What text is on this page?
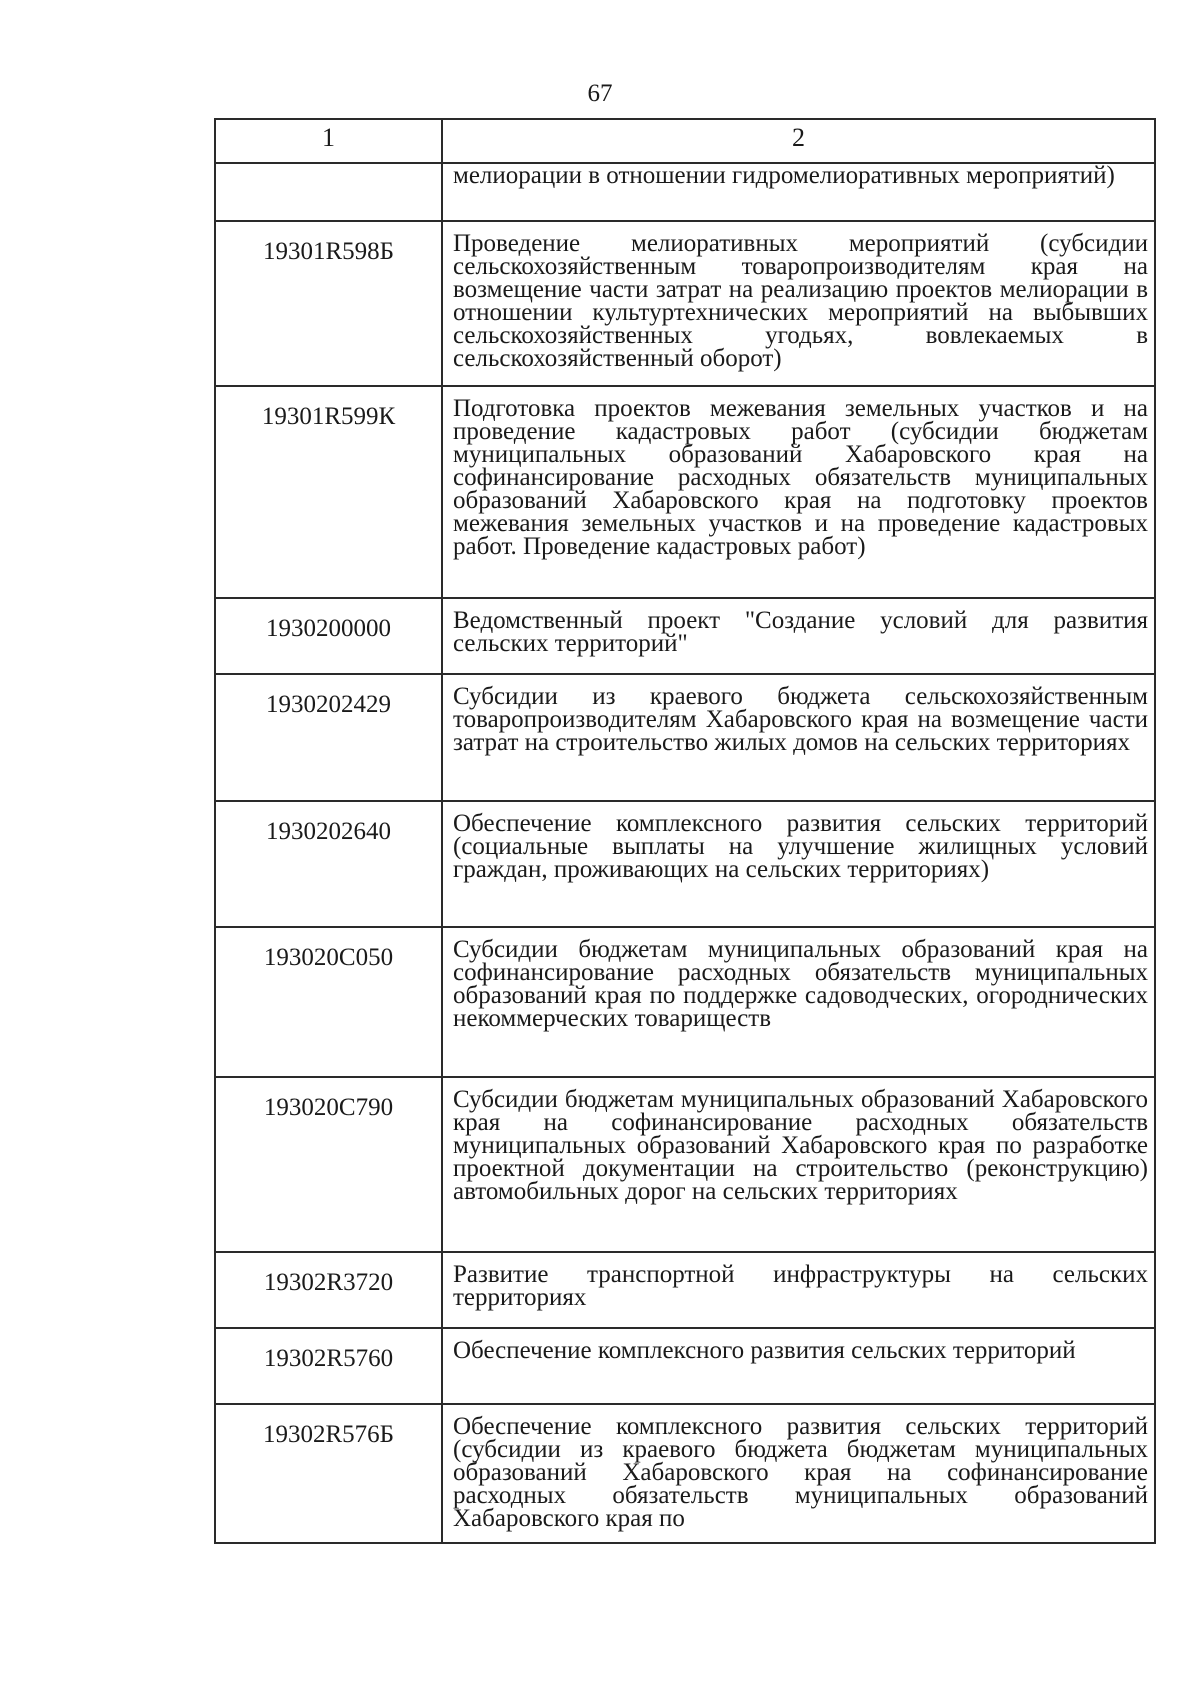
67
1	2
	мелиорации в отношении гидромелиоративных мероприятий)
19301R598Б	Проведение мелиоративных мероприятий (субсидии сельскохозяйственным товаропроизводителям края на возмещение части затрат на реализацию проектов мелиорации в отношении культуртехнических мероприятий на выбывших сельскохозяйственных угодьях, вовлекаемых в сельскохозяйственный оборот)
19301R599К	Подготовка проектов межевания земельных участков и на проведение кадастровых работ (субсидии бюджетам муниципальных образований Хабаровского края на софинансирование расходных обязательств муниципальных образований Хабаровского края на подготовку проектов межевания земельных участков и на проведение кадастровых работ. Проведение кадастровых работ)
1930200000	Ведомственный проект "Создание условий для развития сельских территорий"
1930202429	Субсидии из краевого бюджета сельскохозяйственным товаропроизводителям Хабаровского края на возмещение части затрат на строительство жилых домов на сельских территориях
1930202640	Обеспечение комплексного развития сельских территорий (социальные выплаты на улучшение жилищных условий граждан, проживающих на сельских территориях)
193020С050	Субсидии бюджетам муниципальных образований края на софинансирование расходных обязательств муниципальных образований края по поддержке садоводческих, огороднических некоммерческих товариществ
193020С790	Субсидии бюджетам муниципальных образований Хабаровского края на софинансирование расходных обязательств муниципальных образований Хабаровского края по разработке проектной документации на строительство (реконструкцию) автомобильных дорог на сельских территориях
19302R3720	Развитие транспортной инфраструктуры на сельских территориях
19302R5760	Обеспечение комплексного развития сельских территорий
19302R576Б	Обеспечение комплексного развития сельских территорий (субсидии из краевого бюджета бюджетам муниципальных образований Хабаровского края на софинансирование расходных обязательств муниципальных образований Хабаровского края по
